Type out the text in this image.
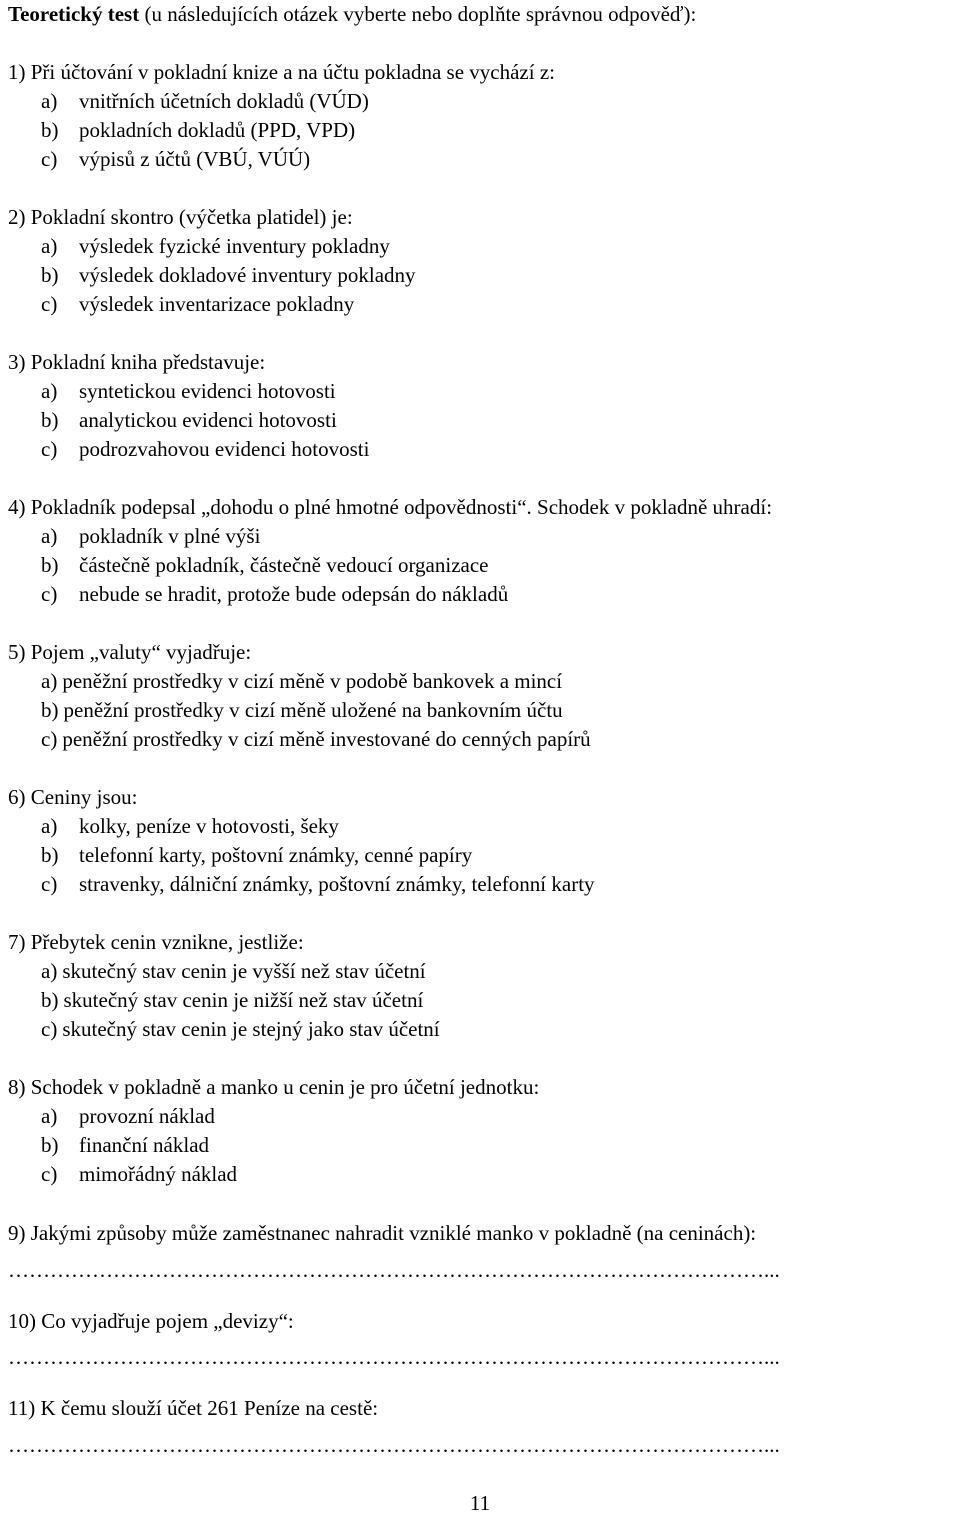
Teoretický test (u následujících otázek vyberte nebo doplňte správnou odpověď):
1) Při účtování v pokladní knize a na účtu pokladna se vychází z:
a) vnitřních účetních dokladů (VÚD)
b) pokladních dokladů (PPD, VPD)
c) výpisů z účtů (VBÚ, VÚÚ)
2) Pokladní skontro (výčetka platidel) je:
a) výsledek fyzické inventury pokladny
b) výsledek dokladové inventury pokladny
c) výsledek inventarizace pokladny
3) Pokladní kniha představuje:
a) syntetickou evidenci hotovosti
b) analytickou evidenci hotovosti
c) podrozvahovou evidenci hotovosti
4) Pokladník podepsal „dohodu o plné hmotné odpovědnosti“. Schodek v pokladně uhradí:
a) pokladník v plné výši
b) částečně pokladník, částečně vedoucí organizace
c) nebude se hradit, protože bude odepsán do nákladů
5) Pojem „valuty“ vyjadřuje:
a) peněžní prostředky v cizí měně v podobě bankovek a mincí
b) peněžní prostředky v cizí měně uložené na bankovním účtu
c) peněžní prostředky v cizí měně investované do cenných papírů
6) Ceniny jsou:
a) kolky, peníze v hotovosti, šeky
b) telefonní karty, poštovní známky, cenné papíry
c) stravenky, dálniční známky, poštovní známky, telefonní karty
7) Přebytek cenin vznikne, jestliže:
a) skutečný stav cenin je vyšší než stav účetní
b) skutečný stav cenin je nižší než stav účetní
c) skutečný stav cenin je stejný jako stav účetní
8) Schodek v pokladně a manko u cenin je pro účetní jednotku:
a) provozní náklad
b) finanční náklad
c) mimořádný náklad
9) Jakými způsoby může zaměstnanec nahradit vzniklé manko v pokladně (na ceninách):
………………………………………………………………………………………………...
10) Co vyjadřuje pojem „devizy“:
………………………………………………………………………………………………...
11) K čemu slouží účet 261 Peníze na cestě:
………………………………………………………………………………………………...
11
